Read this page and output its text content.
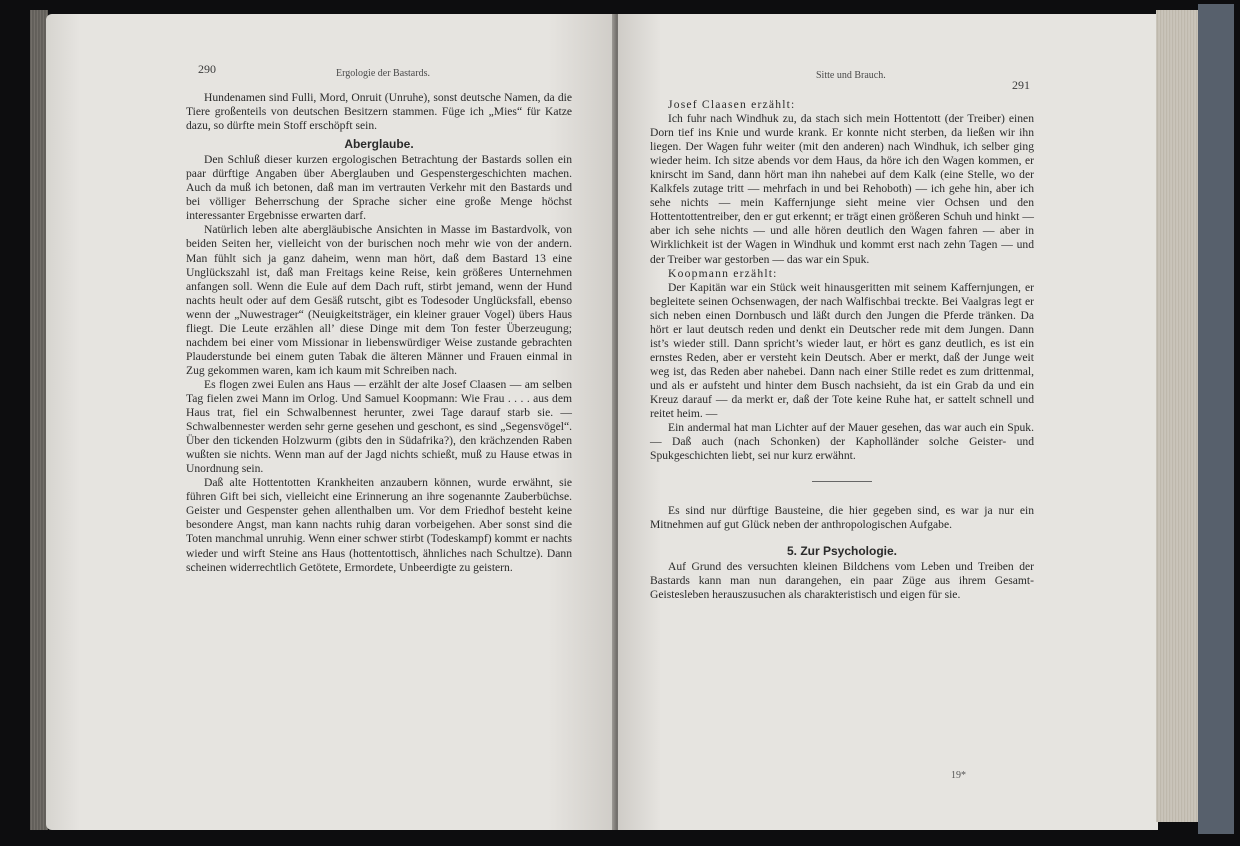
290	Ergologie der Bastards.

Hundenamen sind Fulli, Mord, Onruit (Unruhe), sonst deutsche Namen, da die Tiere großenteils von deutschen Besitzern stammen. Füge ich „Mies“ für Katze dazu, so dürfte mein Stoff erschöpft sein.

Aberglaube.

Den Schluß dieser kurzen ergologischen Betrachtung der Bastards sollen ein paar dürftige Angaben über Aberglauben und Gespenstergeschichten machen. Auch da muß ich betonen, daß man im vertrauten Verkehr mit den Bastards und bei völliger Beherrschung der Sprache sicher eine große Menge höchst interessanter Ergebnisse erwarten darf.

Natürlich leben alte abergläubische Ansichten in Masse im Bastardvolk, von beiden Seiten her, vielleicht von der burischen noch mehr wie von der andern. Man fühlt sich ja ganz daheim, wenn man hört, daß dem Bastard 13 eine Unglückszahl ist, daß man Freitags keine Reise, kein größeres Unternehmen anfangen soll. Wenn die Eule auf dem Dach ruft, stirbt jemand, wenn der Hund nachts heult oder auf dem Gesäß rutscht, gibt es Todesoder Unglücksfall, ebenso wenn der „Nuwestrager“ (Neuigkeitsträger, ein kleiner grauer Vogel) übers Haus fliegt. Die Leute erzählen all’ diese Dinge mit dem Ton fester Überzeugung; nachdem bei einer vom Missionar in liebenswürdiger Weise zustande gebrachten Plauderstunde bei einem guten Tabak die älteren Männer und Frauen einmal in Zug gekommen waren, kam ich kaum mit Schreiben nach.

Es flogen zwei Eulen ans Haus — erzählt der alte Josef Claasen — am selben Tag fielen zwei Mann im Orlog. Und Samuel Koopmann: Wie Frau . . . . aus dem Haus trat, fiel ein Schwalbennest herunter, zwei Tage darauf starb sie. — Schwalbennester werden sehr gerne gesehen und geschont, es sind „Segensvögel“. Über den tickenden Holzwurm (gibts den in Südafrika?), den krächzenden Raben wußten sie nichts. Wenn man auf der Jagd nichts schießt, muß zu Hause etwas in Unordnung sein.

Daß alte Hottentotten Krankheiten anzaubern können, wurde erwähnt, sie führen Gift bei sich, vielleicht eine Erinnerung an ihre sogenannte Zauberbüchse. Geister und Gespenster gehen allenthalben um. Vor dem Friedhof besteht keine besondere Angst, man kann nachts ruhig daran vorbeigehen. Aber sonst sind die Toten manchmal unruhig. Wenn einer schwer stirbt (Todeskampf) kommt er nachts wieder und wirft Steine ans Haus (hottentottisch, ähnliches nach Schultze). Dann scheinen widerrechtlich Getötete, Ermordete, Unbeerdigte zu geistern.

Sitte und Brauch.
291

Josef Claasen erzählt:

Ich fuhr nach Windhuk zu, da stach sich mein Hottentott (der Treiber) einen Dorn tief ins Knie und wurde krank. Er konnte nicht sterben, da ließen wir ihn liegen. Der Wagen fuhr weiter (mit den anderen) nach Windhuk, ich selber ging wieder heim. Ich sitze abends vor dem Haus, da höre ich den Wagen kommen, er knirscht im Sand, dann hört man ihn nahebei auf dem Kalk (eine Stelle, wo der Kalkfels zutage tritt — mehrfach in und bei Rehoboth) — ich gehe hin, aber ich sehe nichts — mein Kaffernjunge sieht meine vier Ochsen und den Hottentottentreiber, den er gut erkennt; er trägt einen größeren Schuh und hinkt — aber ich sehe nichts — und alle hören deutlich den Wagen fahren — aber in Wirklichkeit ist der Wagen in Windhuk und kommt erst nach zehn Tagen — und der Treiber war gestorben — das war ein Spuk.

Koopmann erzählt:

Der Kapitän war ein Stück weit hinausgeritten mit seinem Kaffernjungen, er begleitete seinen Ochsenwagen, der nach Walfischbai treckte. Bei Vaalgras legt er sich neben einen Dornbusch und läßt durch den Jungen die Pferde tränken. Da hört er laut deutsch reden und denkt ein Deutscher rede mit dem Jungen. Dann ist’s wieder still. Dann spricht’s wieder laut, er hört es ganz deutlich, es ist ein ernstes Reden, aber er versteht kein Deutsch. Aber er merkt, daß der Junge weit weg ist, das Reden aber nahebei. Dann nach einer Stille redet es zum drittenmal, und als er aufsteht und hinter dem Busch nachsieht, da ist ein Grab da und ein Kreuz darauf — da merkt er, daß der Tote keine Ruhe hat, er sattelt schnell und reitet heim. —

Ein andermal hat man Lichter auf der Mauer gesehen, das war auch ein Spuk. — Daß auch (nach Schonken) der Kapholländer solche Geister- und Spukgeschichten liebt, sei nur kurz erwähnt.

Es sind nur dürftige Bausteine, die hier gegeben sind, es war ja nur ein Mitnehmen auf gut Glück neben der anthropologischen Aufgabe.

5. Zur Psychologie.

Auf Grund des versuchten kleinen Bildchens vom Leben und Treiben der Bastards kann man nun darangehen, ein paar Züge aus ihrem Gesamt-Geistesleben herauszusuchen als charakteristisch und eigen für sie.

19*
